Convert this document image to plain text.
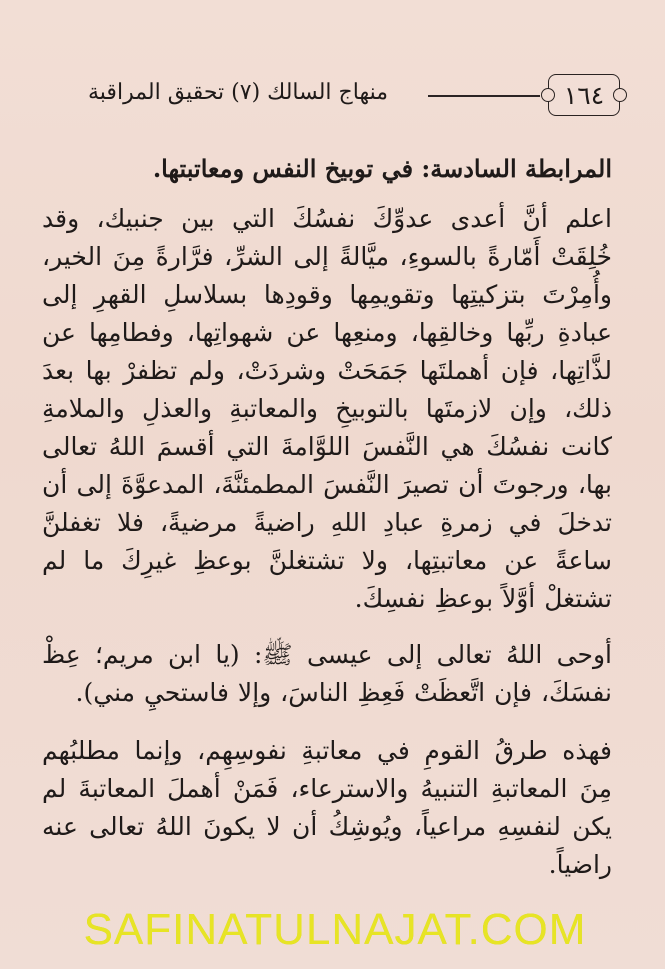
١٦٤
منهاج السالك (٧) تحقيق المراقبة
المرابطة السادسة: في توبيخ النفس ومعاتبتها.

اعلم أنَّ أعدى عدوِّكَ نفسُكَ التي بين جنبيك، وقد خُلِقَتْ أَمّارةً بالسوءِ، ميَّالةً إلى الشرِّ، فرَّارةً مِنَ الخير، وأُمِرْتَ بتزكيتِها وتقويمِها وقودِها بسلاسلِ القهرِ إلى عبادةِ ربِّها وخالقِها، ومنعِها عن شهواتِها، وفطامِها عن لذَّاتِها، فإن أهملتَها جَمَحَتْ وشردَتْ، ولم تظفرْ بها بعدَ ذلك، وإن لازمتَها بالتوبيخِ والمعاتبةِ والعذلِ والملامةِ كانت نفسُكَ هي النَّفسَ اللوَّامةَ التي أقسمَ اللهُ تعالى بها، ورجوتَ أن تصيرَ النَّفسَ المطمئنَّةَ، المدعوَّةَ إلى أن تدخلَ في زمرةِ عبادِ اللهِ راضيةً مرضيةً، فلا تغفلنَّ ساعةً عن معاتبتِها، ولا تشتغلنَّ بوعظِ غيرِكَ ما لم تشتغلْ أوَّلاً بوعظِ نفسِكَ.

أوحى اللهُ تعالى إلى عيسى ﷺ: (يا ابن مريم؛ عِظْ نفسَكَ، فإن اتَّعظَتْ فَعِظِ الناسَ، وإلا فاستحيِ مني).

فهذه طرقُ القومِ في معاتبةِ نفوسِهِم، وإنما مطلبُهم مِنَ المعاتبةِ التنبيهُ والاسترعاء، فَمَنْ أهملَ المعاتبةَ لم يكن لنفسِهِ مراعياً، ويُوشِكُ أن لا يكونَ اللهُ تعالى عنه راضياً.

SAFINATULNAJAT.COM
